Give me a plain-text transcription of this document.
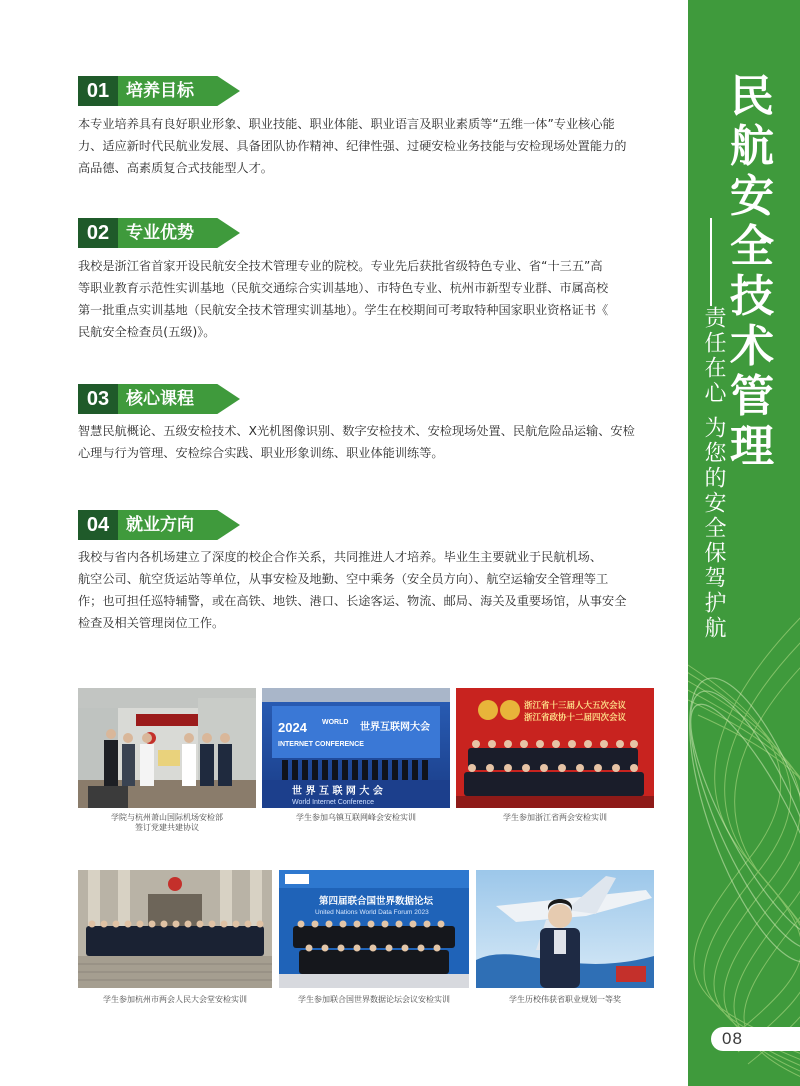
民
航
安
全
技
术
管
理
责任在心 为您的安全保驾护航
08
01 培养目标
本专业培养具有良好职业形象、职业技能、职业体能、职业语言及职业素质等“五维一体”专业核心能
力、适应新时代民航业发展、具备团队协作精神、纪律性强、过硬安检业务技能与安检现场处置能力的
高品德、高素质复合式技能型人才。
02 专业优势
我校是浙江省首家开设民航安全技术管理专业的院校。专业先后获批省级特色专业、省“十三五”高
等职业教育示范性实训基地（民航交通综合实训基地）、市特色专业、杭州市新型专业群、市属高校
第一批重点实训基地（民航安全技术管理实训基地）。学生在校期间可考取特种国家职业资格证书《
民航安全检查员(五级)》。
03 核心课程
智慧民航概论、五级安检技术、X光机图像识别、数字安检技术、安检现场处置、民航危险品运输、安检
心理与行为管理、安检综合实践、职业形象训练、职业体能训练等。
04 就业方向
我校与省内各机场建立了深度的校企合作关系，共同推进人才培养。毕业生主要就业于民航机场、
航空公司、航空货运站等单位，从事安检及地勤、空中乘务（安全员方向）、航空运输安全管理等工
作；也可担任巡特辅警，或在高铁、地铁、港口、长途客运、物流、邮局、海关及重要场馆，从事安全
检查及相关管理岗位工作。
学院与杭州萧山国际机场安检部
签订党建共建协议
2024 WORLD
INTERNET CONFERENCE
世界互联网大会
世 界 互 联 网 大 会
World Internet Conference
学生参加乌镇互联网峰会安检实训
浙江省十三届人大五次会议
浙江省政协十二届四次会议
学生参加浙江省两会安检实训
学生参加杭州市两会人民大会堂安检实训
第四届联合国世界数据论坛
United Nations World Data Forum 2023
学生参加联合国世界数据论坛会议安检实训	学生历校伟获省职业规划一等奖
